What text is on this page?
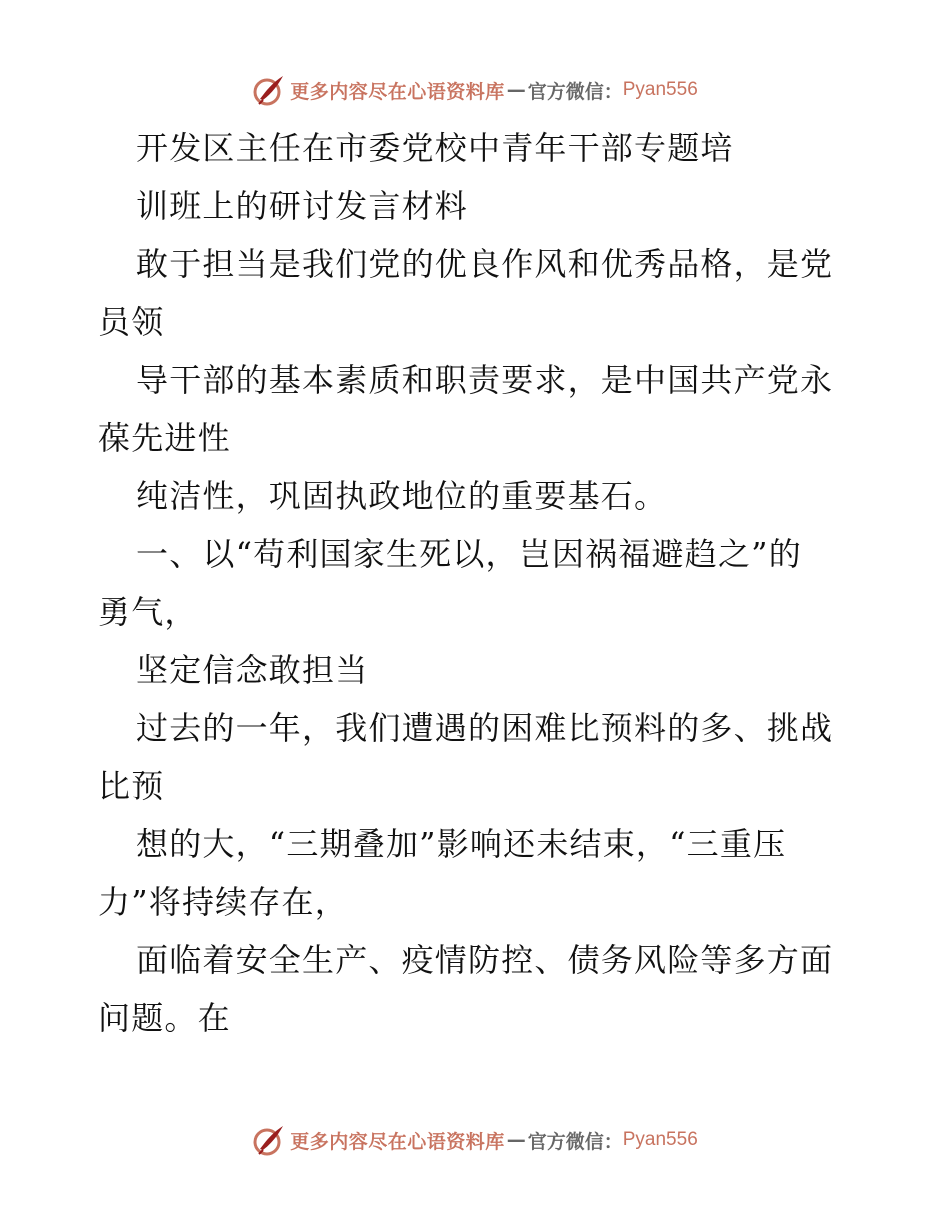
更多内容尽在心语资料库 — 官方微信： Pyan556
开发区主任在市委党校中青年干部专题培
训班上的研讨发言材料
敢于担当是我们党的优良作风和优秀品格，是党
员领
导干部的基本素质和职责要求，是中国共产党永
葆先进性
纯洁性，巩固执政地位的重要基石。
一、以“苟利国家生死以，岂因祸福避趋之”的
勇气，
坚定信念敢担当
过去的一年，我们遭遇的困难比预料的多、挑战
比预
想的大，“三期叠加”影响还未结束，“三重压
力”将持续存在，
面临着安全生产、疫情防控、债务风险等多方面
问题。在
更多内容尽在心语资料库 — 官方微信： Pyan556
